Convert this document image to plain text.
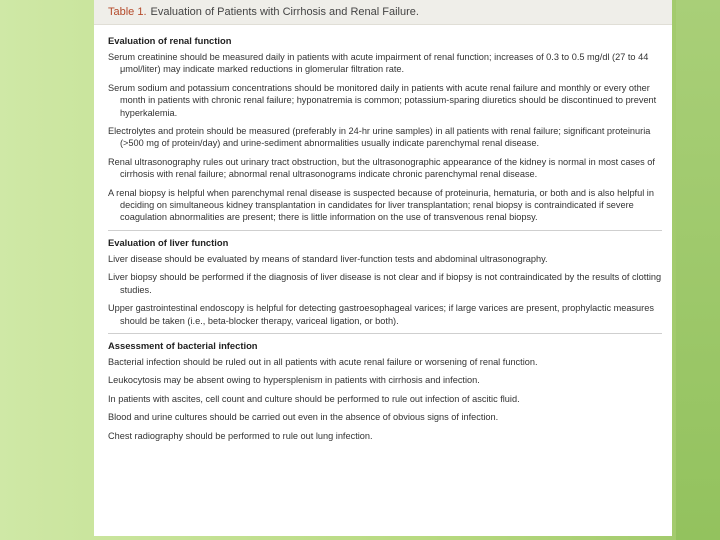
Table 1. Evaluation of Patients with Cirrhosis and Renal Failure.
Evaluation of renal function
Serum creatinine should be measured daily in patients with acute impairment of renal function; increases of 0.3 to 0.5 mg/dl (27 to 44 μmol/liter) may indicate marked reductions in glomerular filtration rate.
Serum sodium and potassium concentrations should be monitored daily in patients with acute renal failure and monthly or every other month in patients with chronic renal failure; hyponatremia is common; potassium-sparing diuretics should be discontinued to prevent hyperkalemia.
Electrolytes and protein should be measured (preferably in 24-hr urine samples) in all patients with renal failure; significant proteinuria (>500 mg of protein/day) and urine-sediment abnormalities usually indicate parenchymal renal disease.
Renal ultrasonography rules out urinary tract obstruction, but the ultrasonographic appearance of the kidney is normal in most cases of cirrhosis with renal failure; abnormal renal ultrasonograms indicate chronic parenchymal renal disease.
A renal biopsy is helpful when parenchymal renal disease is suspected because of proteinuria, hematuria, or both and is also helpful in deciding on simultaneous kidney transplantation in candidates for liver transplantation; renal biopsy is contraindicated if severe coagulation abnormalities are present; there is little information on the use of transvenous renal biopsy.
Evaluation of liver function
Liver disease should be evaluated by means of standard liver-function tests and abdominal ultrasonography.
Liver biopsy should be performed if the diagnosis of liver disease is not clear and if biopsy is not contraindicated by the results of clotting studies.
Upper gastrointestinal endoscopy is helpful for detecting gastroesophageal varices; if large varices are present, prophylactic measures should be taken (i.e., beta-blocker therapy, variceal ligation, or both).
Assessment of bacterial infection
Bacterial infection should be ruled out in all patients with acute renal failure or worsening of renal function.
Leukocytosis may be absent owing to hypersplenism in patients with cirrhosis and infection.
In patients with ascites, cell count and culture should be performed to rule out infection of ascitic fluid.
Blood and urine cultures should be carried out even in the absence of obvious signs of infection.
Chest radiography should be performed to rule out lung infection.
